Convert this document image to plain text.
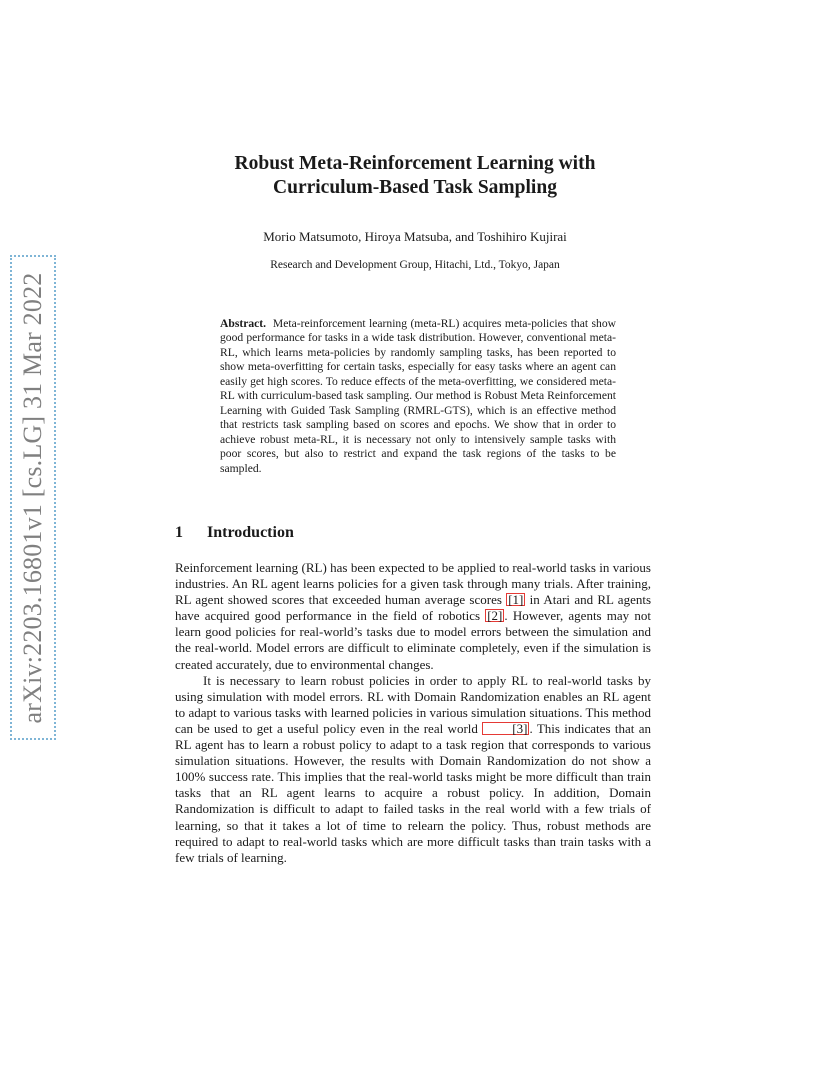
arXiv:2203.16801v1 [cs.LG] 31 Mar 2022
Robust Meta-Reinforcement Learning with
Curriculum-Based Task Sampling

Morio Matsumoto, Hiroya Matsuba, and Toshihiro Kujirai

Research and Development Group, Hitachi, Ltd., Tokyo, Japan

Abstract. Meta-reinforcement learning (meta-RL) acquires meta-policies that show good performance for tasks in a wide task distribution. However, conventional meta-RL, which learns meta-policies by randomly sampling tasks, has been reported to show meta-overfitting for certain tasks, especially for easy tasks where an agent can easily get high scores. To reduce effects of the meta-overfitting, we considered meta-RL with curriculum-based task sampling. Our method is Robust Meta Reinforcement Learning with Guided Task Sampling (RMRL-GTS), which is an effective method that restricts task sampling based on scores and epochs. We show that in order to achieve robust meta-RL, it is necessary not only to intensively sample tasks with poor scores, but also to restrict and expand the task regions of the tasks to be sampled.

1 Introduction

Reinforcement learning (RL) has been expected to be applied to real-world tasks in various industries. An RL agent learns policies for a given task through many trials. After training, RL agent showed scores that exceeded human average scores [1] in Atari and RL agents have acquired good performance in the field of robotics [2] . However, agents may not learn good policies for real-world’s tasks due to model errors between the simulation and the real-world. Model errors are difficult to eliminate completely, even if the simulation is created accurately, due to environmental changes.

It is necessary to learn robust policies in order to apply RL to real-world tasks by using simulation with model errors. RL with Domain Randomization enables an RL agent to adapt to various tasks with learned policies in various simulation situations. This method can be used to get a useful policy even in the real world [3] . This indicates that an RL agent has to learn a robust policy to adapt to a task region that corresponds to various simulation situations. However, the results with Domain Randomization do not show a 100% success rate. This implies that the real-world tasks might be more difficult than train tasks that an RL agent learns to acquire a robust policy. In addition, Domain Randomization is difficult to adapt to failed tasks in the real world with a few trials of learning, so that it takes a lot of time to relearn the policy. Thus, robust methods are required to adapt to real-world tasks which are more difficult tasks than train tasks with a few trials of learning.
